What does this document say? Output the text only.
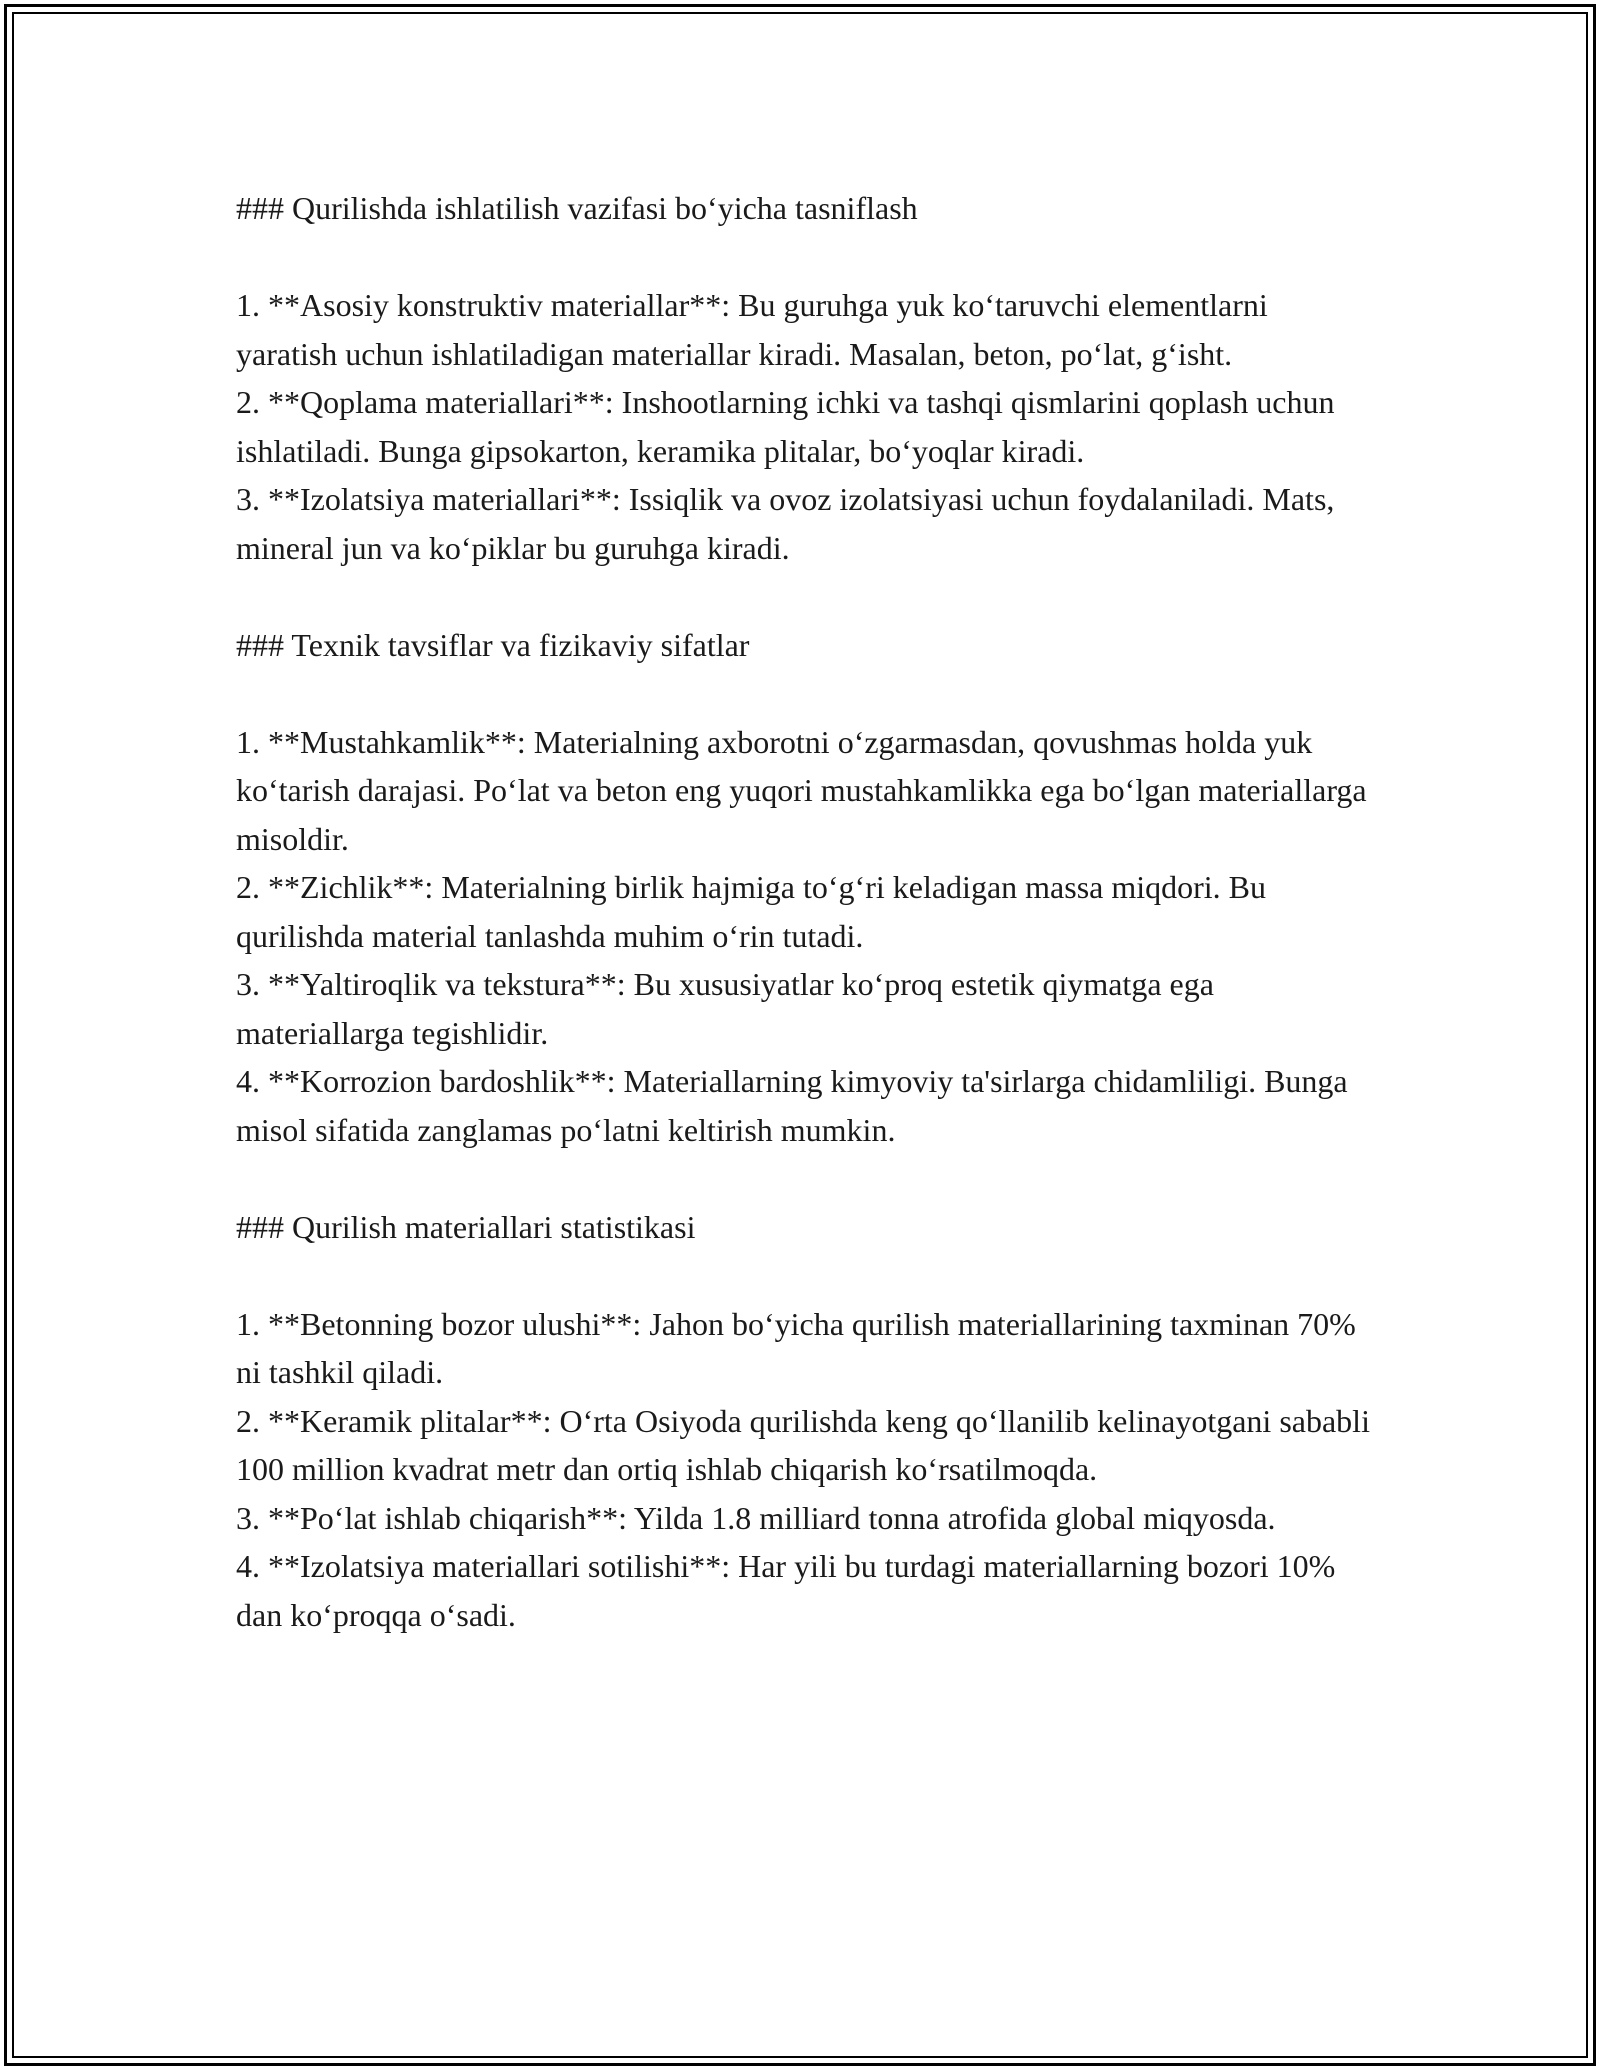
### Qurilishda ishlatilish vazifasi bo‘yicha tasniflash

1. **Asosiy konstruktiv materiallar**: Bu guruhga yuk ko‘taruvchi elementlarni yaratish uchun ishlatiladigan materiallar kiradi. Masalan, beton, po‘lat, g‘isht.

2. **Qoplama materiallari**: Inshootlarning ichki va tashqi qismlarini qoplash uchun ishlatiladi. Bunga gipsokarton, keramika plitalar, bo‘yoqlar kiradi.

3. **Izolatsiya materiallari**: Issiqlik va ovoz izolatsiyasi uchun foydalaniladi. Mats, mineral jun va ko‘piklar bu guruhga kiradi.

### Texnik tavsiflar va fizikaviy sifatlar

1. **Mustahkamlik**: Materialning axborotni o‘zgarmasdan, qovushmas holda yuk ko‘tarish darajasi. Po‘lat va beton eng yuqori mustahkamlikka ega bo‘lgan materiallarga misoldir.

2. **Zichlik**: Materialning birlik hajmiga to‘g‘ri keladigan massa miqdori. Bu qurilishda material tanlashda muhim o‘rin tutadi.

3. **Yaltiroqlik va tekstura**: Bu xususiyatlar ko‘proq estetik qiymatga ega materiallarga tegishlidir.

4. **Korrozion bardoshlik**: Materiallarning kimyoviy ta'sirlarga chidamliligi. Bunga misol sifatida zanglamas po‘latni keltirish mumkin.

### Qurilish materiallari statistikasi

1. **Betonning bozor ulushi**: Jahon bo‘yicha qurilish materiallarining taxminan 70% ni tashkil qiladi.

2. **Keramik plitalar**: O‘rta Osiyoda qurilishda keng qo‘llanilib kelinayotgani sababli 100 million kvadrat metr dan ortiq ishlab chiqarish ko‘rsatilmoqda.

3. **Po‘lat ishlab chiqarish**: Yilda 1.8 milliard tonna atrofida global miqyosda.

4. **Izolatsiya materiallari sotilishi**: Har yili bu turdagi materiallarning bozori 10% dan ko‘proqqa o‘sadi.
